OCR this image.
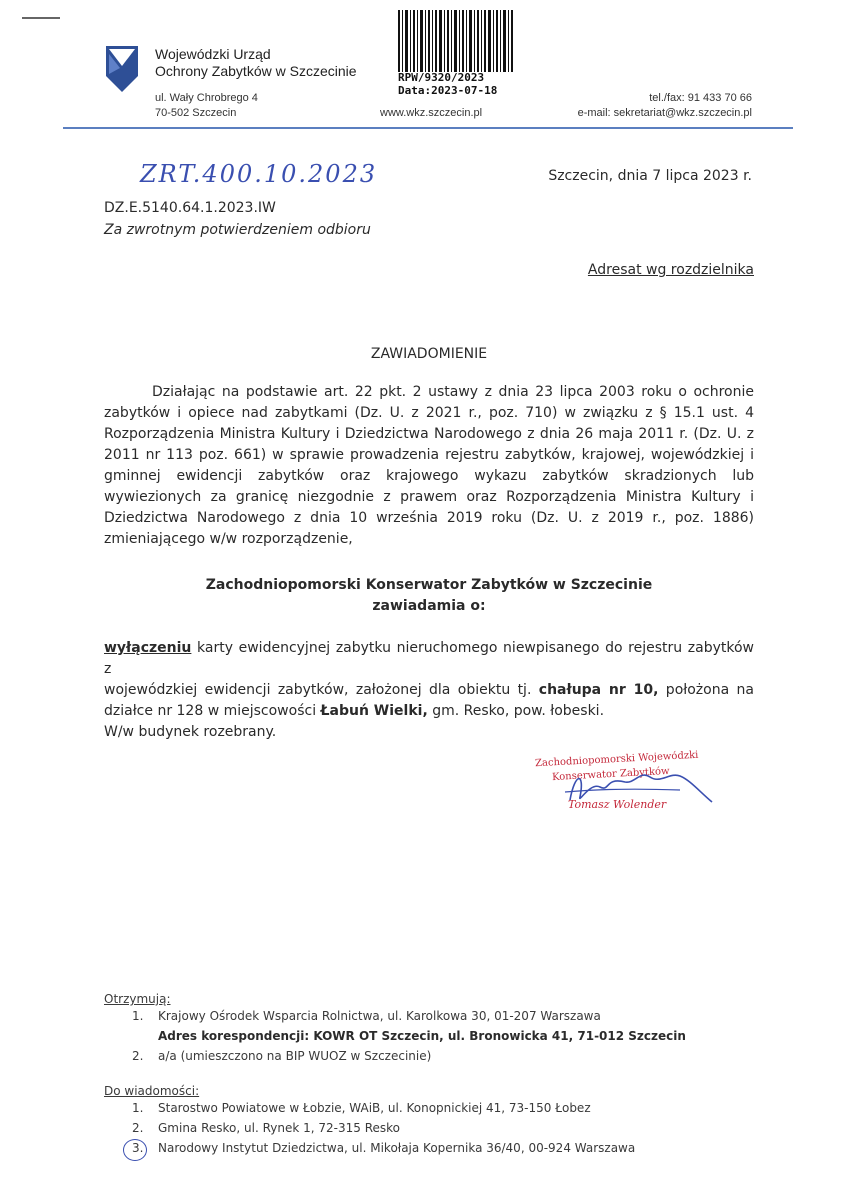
Wojewódzki Urząd
Ochrony Zabytków w Szczecinie
ul. Wały Chrobrego 4
70-502 Szczecin
RPW/9320/2023
Data:2023-07-18
www.wkz.szczecin.pl
tel./fax: 91 433 70 66
e-mail: sekretariat@wkz.szczecin.pl
ZRT.400.10.2023	Szczecin, dnia 7 lipca 2023 r.
DZ.E.5140.64.1.2023.IW
Za zwrotnym potwierdzeniem odbioru
Adresat wg rozdzielnika
ZAWIADOMIENIE
Działając na podstawie art. 22 pkt. 2 ustawy z dnia 23 lipca 2003 roku o ochronie
zabytków i opiece nad zabytkami (Dz. U. z 2021 r., poz. 710) w związku z § 15.1 ust. 4
Rozporządzenia Ministra Kultury i Dziedzictwa Narodowego z dnia 26 maja 2011 r. (Dz. U. z
2011 nr 113 poz. 661) w sprawie prowadzenia rejestru zabytków, krajowej, wojewódzkiej i
gminnej ewidencji zabytków oraz krajowego wykazu zabytków skradzionych lub
wywiezionych za granicę niezgodnie z prawem oraz Rozporządzenia Ministra Kultury i
Dziedzictwa Narodowego z dnia 10 września 2019 roku (Dz. U. z 2019 r., poz. 1886)
zmieniającego w/w rozporządzenie,
Zachodniopomorski Konserwator Zabytków w Szczecinie
zawiadamia o:
wyłączeniu karty ewidencyjnej zabytku nieruchomego niewpisanego do rejestru zabytków z
wojewódzkiej ewidencji zabytków, założonej dla obiektu tj. chałupa nr 10, położona na
działce nr 128 w miejscowości Łabuń Wielki, gm. Resko, pow. łobeski.
W/w budynek rozebrany.
Zachodniopomorski Wojewódzki
Konserwator Zabytków
Tomasz Wolender
Otrzymują:
1. Krajowy Ośrodek Wsparcia Rolnictwa, ul. Karolkowa 30, 01-207 Warszawa
Adres korespondencji: KOWR OT Szczecin, ul. Bronowicka 41, 71-012 Szczecin
2. a/a (umieszczono na BIP WUOZ w Szczecinie)
Do wiadomości:
1. Starostwo Powiatowe w Łobzie, WAiB, ul. Konopnickiej 41, 73-150 Łobez
2. Gmina Resko, ul. Rynek 1, 72-315 Resko
3. Narodowy Instytut Dziedzictwa, ul. Mikołaja Kopernika 36/40, 00-924 Warszawa
